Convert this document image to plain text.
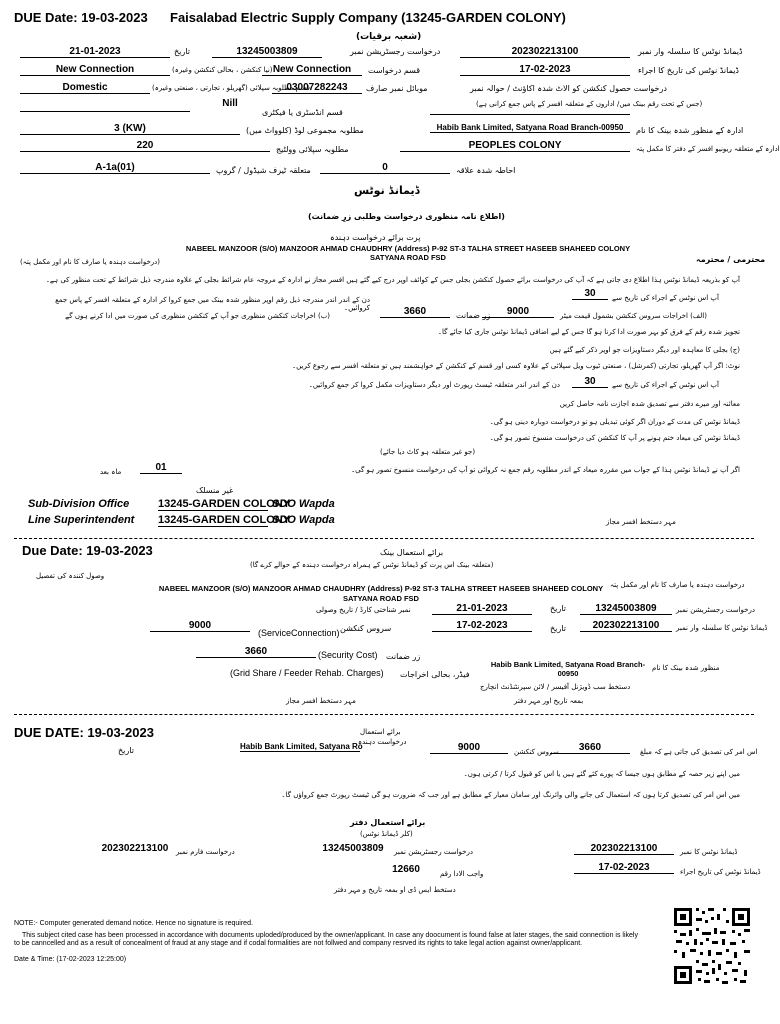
DUE Date: 19-03-2023 Faisalabad Electric Supply Company (13245-GARDEN COLONY)
(شعبہ برقیات)
21-01-2023	تاریخ	13245003809	درخواست رجسٹریشن نمبر	202302213100	ڈیمانڈ نوٹس کا سلسلہ وار نمبر
New Connection	(نیا کنکشن ، بحالی کنکشن وغیرہ) New Connection	قسم درخواست	17-02-2023	ڈیمانڈ نوٹس کی تاریخ کا اجراء
Domestic	قسم مطلوبہ سپلائی (گھریلو ، تجارتی ، صنعتی وغیرہ)
03007282243	موبائل نمبر صارف	درخواست حصول کنکشن کو الاٹ شدہ اکاؤنٹ / حوالہ نمبر
Nill
قسم انڈسٹری یا فیکٹری
(جس کے تحت رقم بینک میں/ اداروں کے متعلقہ افسر کے پاس جمع کرانی ہے)
3 (KW)	مطلوبہ مجموعی لوڈ (کلوواٹ میں)	Habib Bank Limited, Satyana Road Branch-00950	ادارہ کے منظور شدہ بینک کا نام
220	مطلوبہ سپلائی وولٹیج	PEOPLES COLONY	ادارہ کے متعلقہ ریونیو افسر کے دفتر کا مکمل پتہ
A-1a(01)	متعلقہ ٹیرف شیڈول / گروپ	0	احاطہ شدہ علاقہ
ڈیمانڈ نوٹس
(اطلاع نامہ منظوری درخواست وطلبی زرِ ضمانت)
پرت برائے درخواست دہندہ
محترمی / محترمہ
NABEEL MANZOOR (S/O) MANZOOR AHMAD CHAUDHRY (Address) P-92 ST-3 TALHA STREET HASEEB SHAHEED COLONY SATYANA ROAD FSD
(درخواست دہندہ یا صارف کا نام اور مکمل پتہ)
آپ کو بذریعہ ڈیمانڈ نوٹس ہذا اطلاع دی جاتی ہے کہ آپ کی درخواست برائے حصول کنکشن بجلی جس کے کوائف اوپر درج کیے گئے ہیں افسر مجاز نے ادارہ کے مروجہ عام شرائط بجلی کے علاوہ مندرجہ ذیل شرائط کے تحت منظور کی ہے۔
دن کے اندر اندر مندرجہ ذیل رقم اوپر منظور شدہ بینک میں جمع کروا کر ادارہ کے متعلقہ افسر کے پاس جمع کروائیں۔
30	آپ اس نوٹس کے اجراء کی تاریخ سے
(الف) اخراجات سروس کنکشن بشمول قیمت میٹر
9000
زر ضمانت
3660
(ب) اخراجات کنکشن منظوری جو آپ کے کنکشن منظوری کی صورت میں ادا کرنے ہوں گے
تجویز شدہ رقم کے فرق کو بہر صورت ادا کرنا ہو گا جس کے لیے اضافی ڈیمانڈ نوٹس جاری کیا جائے گا۔
(ج) بجلی کا معاہدہ اور دیگر دستاویزات جو اوپر ذکر کیے گئے ہیں
نوٹ: اگر آپ گھریلو، تجارتی (کمرشل) ، صنعتی ٹیوب ویل سپلائی کے علاوہ کسی اور قسم کے کنکشن کے خواہشمند ہیں تو متعلقہ افسر سے رجوع کریں۔
30	آپ اس نوٹس کے اجراء کی تاریخ سے
دن کے اندر اندر متعلقہ ٹیسٹ رپورٹ اور دیگر دستاویزات مکمل کروا کر جمع کروائیں۔
معائنہ اور میرے دفتر سے تصدیق شدہ اجازت نامہ حاصل کریں
ڈیمانڈ نوٹس کی مدت کے دوران اگر کوئی تبدیلی ہو تو درخواست دوبارہ دینی ہو گی۔
ڈیمانڈ نوٹس کی میعاد ختم ہونے پر آپ کا کنکشن کی درخواست منسوخ تصور ہو گی۔
(جو غیر متعلقہ ہو کاٹ دیا جائے)
اگر آپ نے ڈیمانڈ نوٹس ہذا کے جواب میں مقررہ میعاد کے اندر مطلوبہ رقم جمع نہ کروائی تو آپ کی درخواست منسوخ تصور ہو گی۔
01
ماہ بعد
غیر منسلک
Sub-Division Office	13245-GARDEN COLONY
SDO Wapda
Line Superintendent 13245-GARDEN COLONY
SDO Wapda	مہر دستخط افسر مجاز
Due Date: 19-03-2023	برائے استعمال بینک
(متعلقہ بینک اس پرت کو ڈیمانڈ نوٹس کے ہمراہ درخواست دہندہ کے حوالے کرے گا)
وصول کنندہ کی تفصیل
درخواست دہندہ یا صارف کا نام اور مکمل پتہ
NABEEL MANZOOR (S/O) MANZOOR AHMAD CHAUDHRY (Address) P-92 ST-3 TALHA STREET HASEEB SHAHEED COLONY SATYANA ROAD FSD
13245003809	درخواست رجسٹریشن نمبر
تاریخ
21-01-2023
نمبر شناختی کارڈ / تاریخ وصولی
202302213100	ڈیمانڈ نوٹس کا سلسلہ وار نمبر
تاریخ
17-02-2023
سروس کنکشن
9000
(ServiceConnection)
3660	(Security Cost) زر ضمانت
(Grid Share / Feeder Rehab. Charges) فیڈر، بحالی اخراجات
Habib Bank Limited, Satyana Road Branch-00950
منظور شدہ بینک کا نام
مہر دستخط افسر مجاز
دستخط سب ڈویژنل آفیسر / لائن سپرنٹنڈنٹ انچارج
بمعہ تاریخ اور مہر دفتر
DUE DATE: 19-03-2023	برائے استعمال
درخواست دہندہ
اس امر کی تصدیق کی جاتی ہے کہ مبلغ
3660
سروس کنکشن
9000
Habib Bank Limited, Satyana Ro
تاریخ
میں اپنے زیر حصہ کے مطابق ہوں جیسا کہ پورے کئے گئے ہیں یا اس کو قبول کرتا / کرتی ہوں۔
میں اس امر کی تصدیق کرتا ہوں کہ استعمال کی جانے والی وائرنگ اور سامان معیار کے مطابق ہے اور جب کہ ضرورت ہو گی ٹیسٹ رپورٹ جمع کرواؤں گا۔
برائے استعمال دفتر
(کلر ڈیمانڈ نوٹس)
202302213100 درخواست فارم نمبر	13245003809	درخواست رجسٹریشن نمبر	202302213100	ڈیمانڈ نوٹس کا نمبر
12660	واجب الادا رقم
17-02-2023	ڈیمانڈ نوٹس کی تاریخ اجراء
دستخط ایس ڈی او بمعہ تاریخ و مہر دفتر
NOTE:- Computer generated demand notice. Hence no signature is required.
This subject cited case has been processed in accordance with documents uploded/produced by the owner/applicant. In case any doocument is found false at later stages, the said connection is likely to be canncelled and as a result of concealment of fraud at any stage and if codal formalities are not follwed and company resrved its rights to take legal action against owner/applicant.
Date & Time: (17-02-2023 12:25:00)
